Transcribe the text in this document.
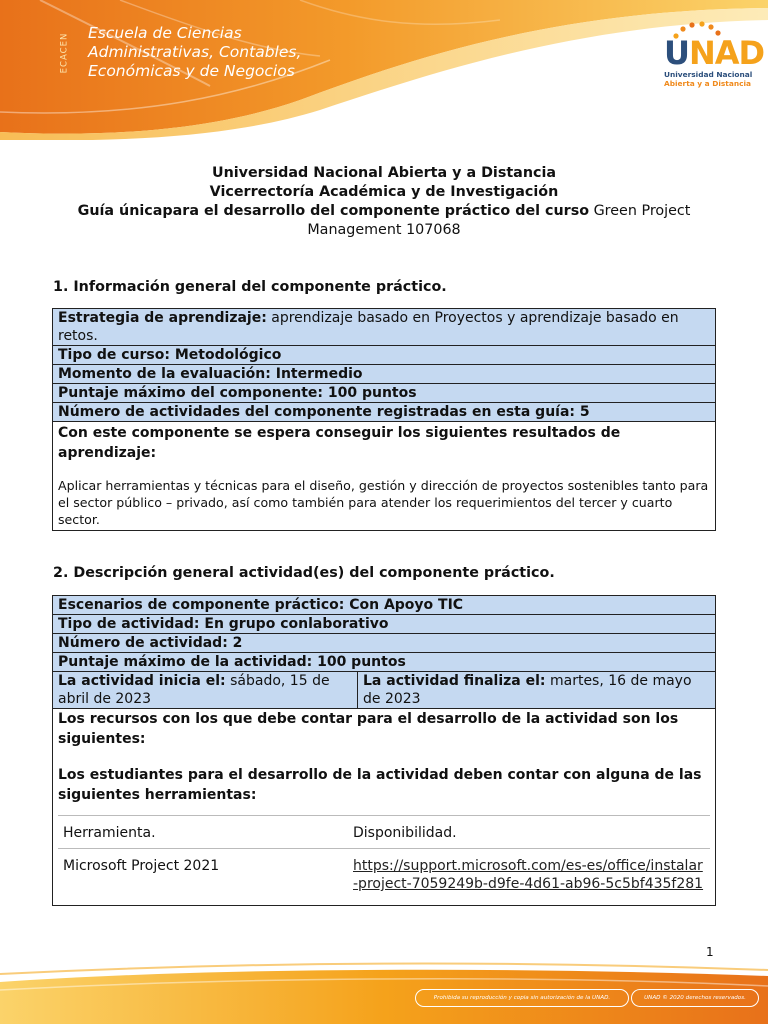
ECACEN Escuela de Ciencias
Administrativas, Contables,
Económicas y de Negocios	UNAD
Universidad Nacional
Abierta y a Distancia
Universidad Nacional Abierta y a Distancia
Vicerrectoría Académica y de Investigación
Guía únicapara el desarrollo del componente práctico del curso Green Project
Management 107068
1. Información general del componente práctico.
Estrategia de aprendizaje: aprendizaje basado en Proyectos y aprendizaje basado en retos.
Tipo de curso: Metodológico
Momento de la evaluación: Intermedio
Puntaje máximo del componente: 100 puntos
Número de actividades del componente registradas en esta guía: 5

Con este componente se espera conseguir los siguientes resultados de aprendizaje:
Aplicar herramientas y técnicas para el diseño, gestión y dirección de proyectos sostenibles tanto para el sector público – privado, así como también para atender los requerimientos del tercer y cuarto sector.
2. Descripción general actividad(es) del componente práctico.
Escenarios de componente práctico: Con Apoyo TIC
Tipo de actividad: En grupo conlaborativo
Número de actividad: 2
Puntaje máximo de la actividad: 100 puntos
La actividad inicia el: sábado, 15 de abril de 2023	La actividad finaliza el: martes, 16 de mayo de 2023

Los recursos con los que debe contar para el desarrollo de la actividad son los siguientes:
Los estudiantes para el desarrollo de la actividad deben contar con alguna de las siguientes herramientas:
Herramienta.	Disponibilidad.
Microsoft Project 2021	https://support.microsoft.com/es-es/office/instalar-project-7059249b-d9fe-4d61-ab96-5c5bf435f281
1
Prohibida su reproducción y copia sin autorización de la UNAD.	UNAD © 2020 derechos reservados.
